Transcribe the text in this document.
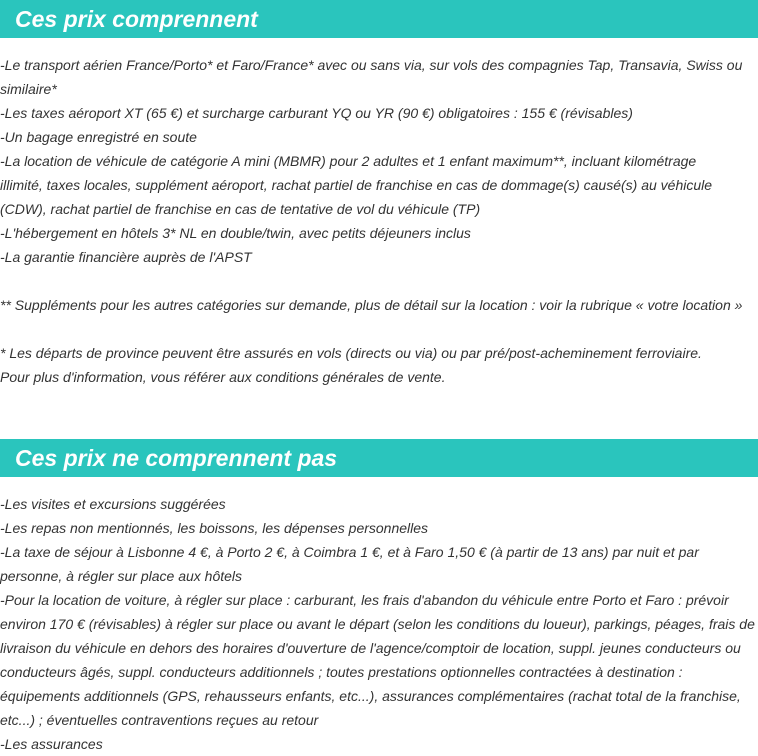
Ces prix comprennent

-Le transport aérien France/Porto* et Faro/France* avec ou sans via, sur vols des compagnies Tap, Transavia, Swiss ou

similaire*

-Les taxes aéroport XT (65 €) et surcharge carburant YQ ou YR (90 €) obligatoires : 155 € (révisables)

-Un bagage enregistré en soute

-La location de véhicule de catégorie A mini (MBMR) pour 2 adultes et 1 enfant maximum**, incluant kilométrage

illimité, taxes locales, supplément aéroport, rachat partiel de franchise en cas de dommage(s) causé(s) au véhicule

(CDW), rachat partiel de franchise en cas de tentative de vol du véhicule (TP)

-L'hébergement en hôtels 3* NL en double/twin, avec petits déjeuners inclus

-La garantie financière auprès de l'APST

** Suppléments pour les autres catégories sur demande, plus de détail sur la location : voir la rubrique « votre location »

* Les départs de province peuvent être assurés en vols (directs ou via) ou par pré/post-acheminement ferroviaire.

Pour plus d'information, vous référer aux conditions générales de vente.

Ces prix ne comprennent pas

-Les visites et excursions suggérées

-Les repas non mentionnés, les boissons, les dépenses personnelles

-La taxe de séjour à Lisbonne 4 €, à Porto 2 €, à Coimbra 1 €, et à Faro 1,50 € (à partir de 13 ans) par nuit et par

personne, à régler sur place aux hôtels

-Pour la location de voiture, à régler sur place : carburant, les frais d'abandon du véhicule entre Porto et Faro : prévoir

environ 170 € (révisables) à régler sur place ou avant le départ (selon les conditions du loueur), parkings, péages, frais de

livraison du véhicule en dehors des horaires d'ouverture de l'agence/comptoir de location, suppl. jeunes conducteurs ou

conducteurs âgés, suppl. conducteurs additionnels ; toutes prestations optionnelles contractées à destination :

équipements additionnels (GPS, rehausseurs enfants, etc...), assurances complémentaires (rachat total de la franchise,

etc...) ; éventuelles contraventions reçues au retour

-Les assurances
